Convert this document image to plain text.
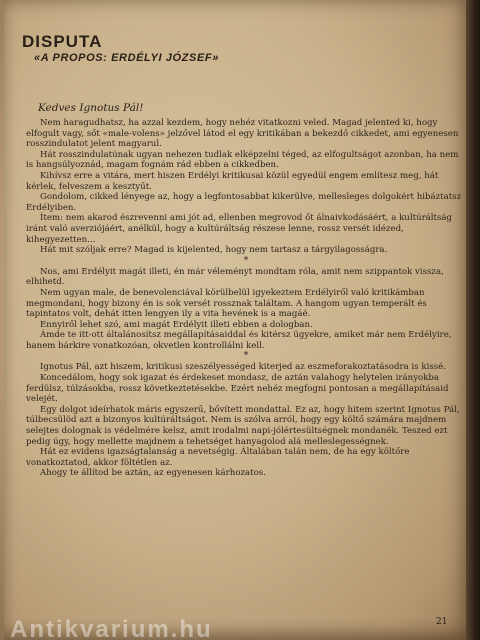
DISPUTA
«A PROPOS: ERDÉLYI JÓZSEF»
Kedves Ignotus Pál!

Nem haragudhatsz, ha azzal kezdem, hogy nehéz vitatkozni veled. Magad jelented ki, hogy elfogult vagy, sőt «male-volens» jelzővel látod el egy kritikában a bekezdő cikkedet, ami egyenesen rosszindulatot jelent magyarul.

Hát rosszindulatúnak ugyan nehezen tudlak elképzelni téged, az elfogultságot azonban, ha nem is hangsúlyoznád, magam fognám rád ebben a cikkedben.

Kihívsz erre a vitára, mert hiszen Erdélyi kritikusai közül egyedül engem említesz meg, hát kérlek, felveszem a kesztyűt.

Gondolom, cikked lényege az, hogy a legfontosabbat kikerülve, mellesleges dolgokért hibáztatsz Erdélyiben.

Ítem: nem akarod észrevenni ami jót ad, ellenben megrovod őt álnaivkodásáért, a kultúráltság iránt való averziójáért, anélkül, hogy a kultúráltság részese lenne, rossz versét idézed, kihegyezetten…

Hát mit szóljak erre? Magad is kijelented, hogy nem tartasz a tárgyilagosságra.

*

Nos, ami Erdélyit magát illeti, én már véleményt mondtam róla, amit nem szippantok vissza, elhihetd.

Nem ugyan male, de benevolenciával körülbelül igyekeztem Erdélyiről való kritikámban megmondani, hogy bizony én is sok versét rossznak találtam. A hangom ugyan temperált és tapintatos volt, dehát itten lengyen ily a vita hevének is a magáé.

Ennyiről lehet szó, ami magát Erdélyit illeti ebben a dologban.

Ámde te itt-ott általánosítsz megállapításaiddal és kitérsz ügyekre, amiket már nem Erdélyire, hanem bárkire vonatkozóan, okvetlen kontrollálni kell.

*

Ignotus Pál, azt hiszem, kritikusi szeszélyességed kiterjed az eszmeforakoztatásodra is kissé.

Koncedálom, hogy sok igazat és érdekeset mondasz, de aztán valahogy helytelen irányokba ferdülsz, túlzásokba, rossz következtetésekbe. Ezért nehéz megfogni pontosan a megállapításaid velejét.

Egy dolgot ideírhatok máris egyszerű, bővített mondattal. Ez az, hogy hitem szerint Ignotus Pál, túlbecsülöd azt a bizonyos kultúráltságot. Nem is szólva arról, hogy egy költő számára majdnem selejtes dolognak is védelmére kelsz, amit irodalmi napi-jólértesültségnek mondanék. Teszed ezt pedig úgy, hogy mellette majdnem a tehetséget hanyagolod alá melleslegességnek.

Hát ez evidens igazságtalanság a nevetségig. Általában talán nem, de ha egy költőre vonatkoztatod, akkor föltétlen az.

Ahogy te állítod be aztán, az egyenesen kárhozatos.

21
Antikvarium.hu
